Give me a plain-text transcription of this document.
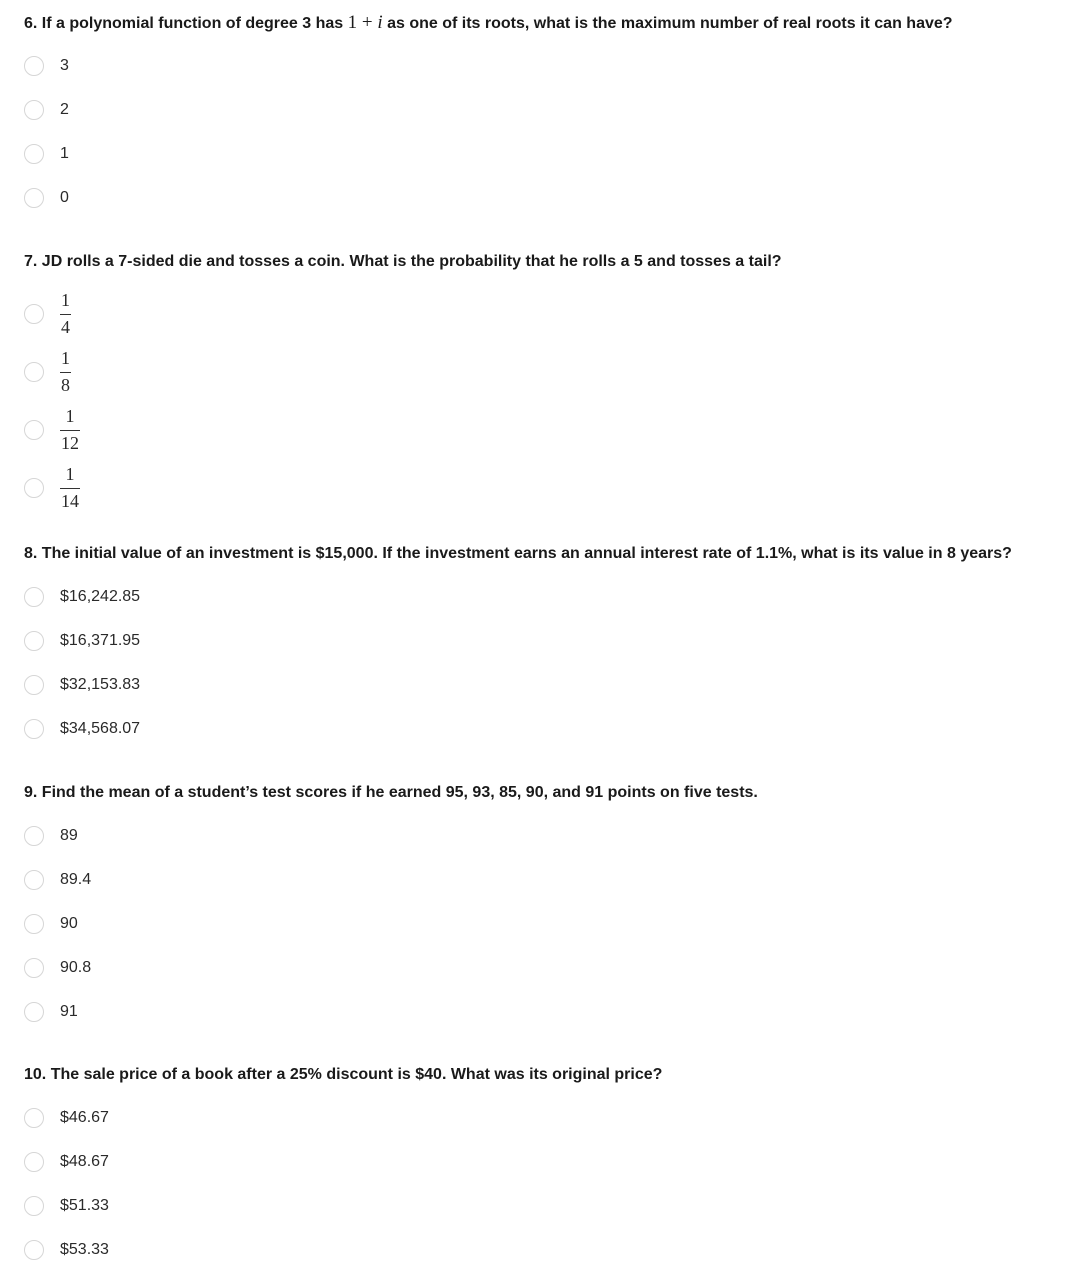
6. If a polynomial function of degree 3 has 1 + i as one of its roots, what is the maximum number of real roots it can have?
3
2
1
0
7. JD rolls a 7-sided die and tosses a coin. What is the probability that he rolls a 5 and tosses a tail?
$\frac{1}{4}$
$\frac{1}{8}$
$\frac{1}{12}$
$\frac{1}{14}$
8. The initial value of an investment is $15,000. If the investment earns an annual interest rate of 1.1%, what is its value in 8 years?
$16,242.85
$16,371.95
$32,153.83
$34,568.07
9. Find the mean of a student’s test scores if he earned 95, 93, 85, 90, and 91 points on five tests.
89
89.4
90
90.8
91
10. The sale price of a book after a 25% discount is $40. What was its original price?
$46.67
$48.67
$51.33
$53.33
